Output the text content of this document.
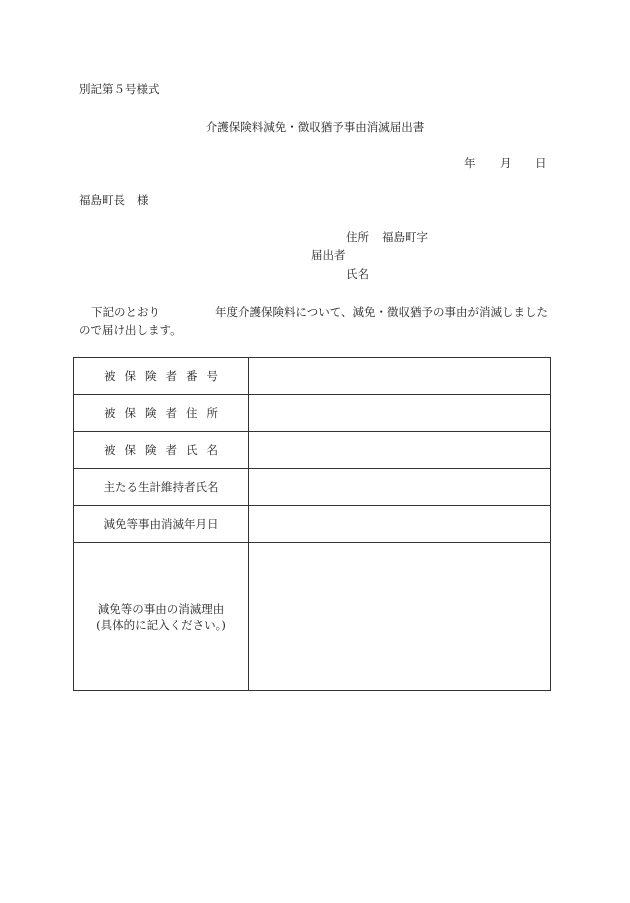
別記第５号様式
介護保険料減免・徴収猶予事由消滅届出書
年 月 日
福島町長 様
住所 福島町字
届出者
氏名
下記のとおり	年度介護保険料について、減免・徴収猶予の事由が消滅しました
ので届け出します。
被保険者番号	
被保険者住所	
被保険者氏名	
主たる生計維持者氏名	
減免等事由消滅年月日	

減免等の事由の消滅理由
(具体的に記入ください。)	
